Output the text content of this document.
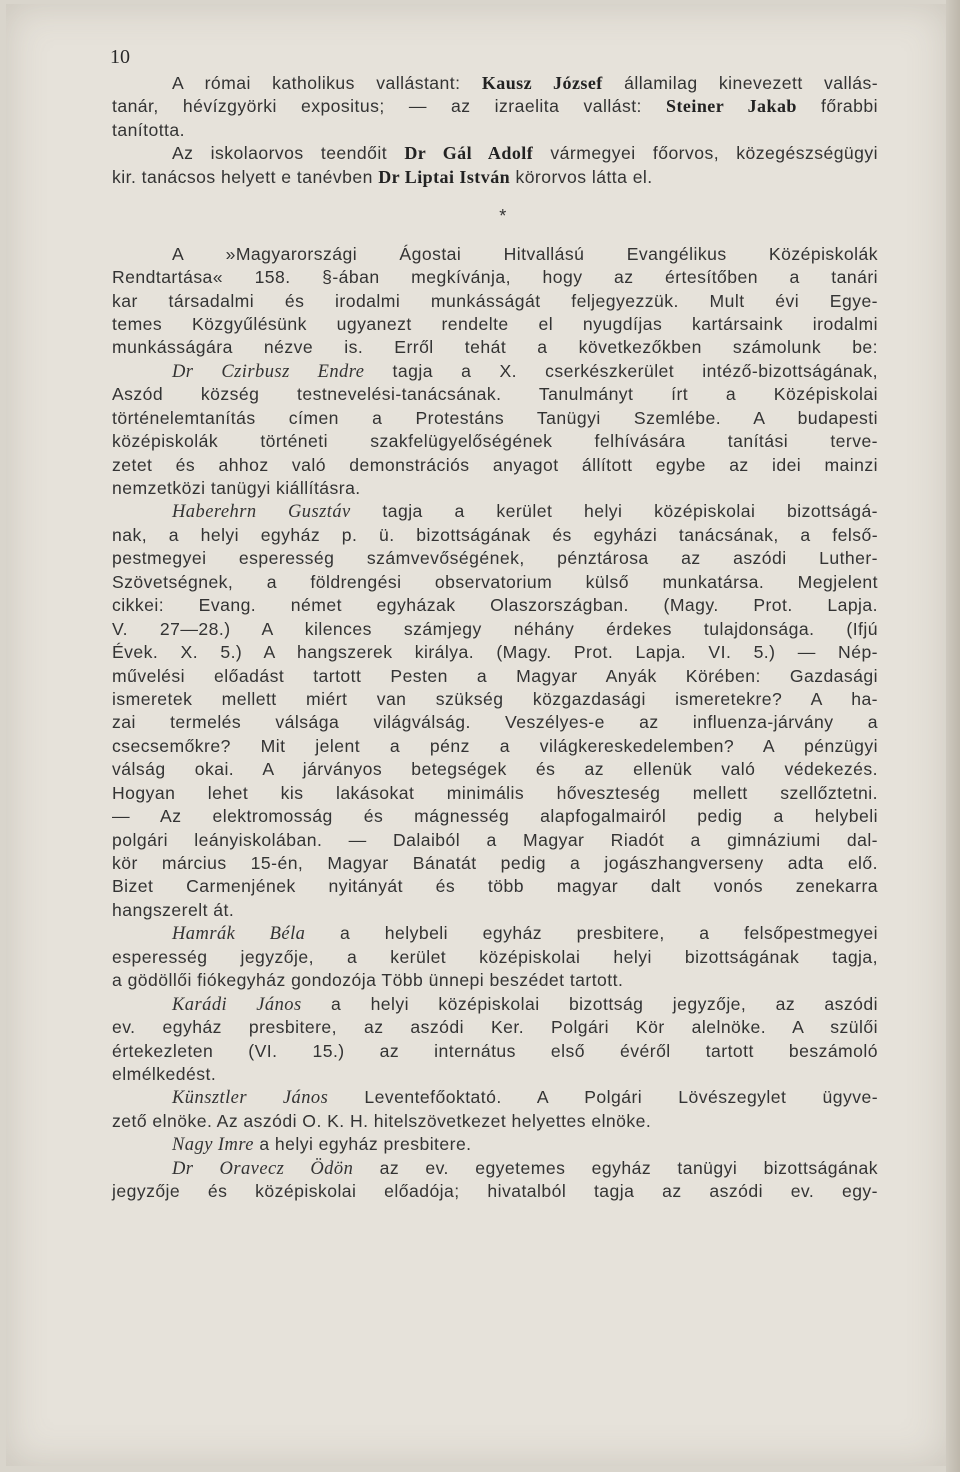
10
A római katholikus vallástant: Kausz József államilag kinevezett vallás-
tanár, hévízgyörki expositus; — az izraelita vallást: Steiner Jakab főrabbi
tanította.
Az iskolaorvos teendőit Dr Gál Adolf vármegyei főorvos, közegészségügyi
kir. tanácsos helyett e tanévben Dr Liptai István körorvos látta el.
*
A »Magyarországi Ágostai Hitvallású Evangélikus Középiskolák
Rendtartása« 158. §-ában megkívánja, hogy az értesítőben a tanári
kar társadalmi és irodalmi munkásságát feljegyezzük. Mult évi Egye-
temes Közgyűlésünk ugyanezt rendelte el nyugdíjas kartársaink irodalmi
munkásságára nézve is. Erről tehát a következőkben számolunk be:
Dr Czirbusz Endre tagja a X. cserkészkerület intéző-bizottságának,
Aszód község testnevelési-tanácsának. Tanulmányt írt a Középiskolai
történelemtanítás címen a Protestáns Tanügyi Szemlébe. A budapesti
középiskolák történeti szakfelügyelőségének felhívására tanítási terve-
zetet és ahhoz való demonstrációs anyagot állított egybe az idei mainzi
nemzetközi tanügyi kiállításra.
Haberehrn Gusztáv tagja a kerület helyi középiskolai bizottságá-
nak, a helyi egyház p. ü. bizottságának és egyházi tanácsának, a felső-
pestmegyei esperesség számvevőségének, pénztárosa az aszódi Luther-
Szövetségnek, a földrengési observatorium külső munkatársa. Megjelent
cikkei: Evang. német egyházak Olaszországban. (Magy. Prot. Lapja.
V. 27—28.) A kilences számjegy néhány érdekes tulajdonsága. (Ifjú
Évek. X. 5.) A hangszerek királya. (Magy. Prot. Lapja. VI. 5.) — Nép-
művelési előadást tartott Pesten a Magyar Anyák Körében: Gazdasági
ismeretek mellett miért van szükség közgazdasági ismeretekre? A ha-
zai termelés válsága világválság. Veszélyes-e az influenza-járvány a
csecsemőkre? Mit jelent a pénz a világkereskedelemben? A pénzügyi
válság okai. A járványos betegségek és az ellenük való védekezés.
Hogyan lehet kis lakásokat minimális hőveszteség mellett szellőztetni.
— Az elektromosság és mágnesség alapfogalmairól pedig a helybeli
polgári leányiskolában. — Dalaiból a Magyar Riadót a gimnáziumi dal-
kör március 15-én, Magyar Bánatát pedig a jogászhangverseny adta elő.
Bizet Carmenjének nyitányát és több magyar dalt vonós zenekarra
hangszerelt át.
Hamrák Béla a helybeli egyház presbitere, a felsőpestmegyei
esperesség jegyzője, a kerület középiskolai helyi bizottságának tagja,
a gödöllői fiókegyház gondozója Több ünnepi beszédet tartott.
Karádi János a helyi középiskolai bizottság jegyzője, az aszódi
ev. egyház presbitere, az aszódi Ker. Polgári Kör alelnöke. A szülői
értekezleten (VI. 15.) az internátus első évéről tartott beszámoló
elmélkedést.
Künsztler János Leventefőoktató. A Polgári Lövészegylet ügyve-
zető elnöke. Az aszódi O. K. H. hitelszövetkezet helyettes elnöke.
Nagy Imre a helyi egyház presbitere.
Dr Oravecz Ödön az ev. egyetemes egyház tanügyi bizottságának
jegyzője és középiskolai előadója; hivatalból tagja az aszódi ev. egy-
